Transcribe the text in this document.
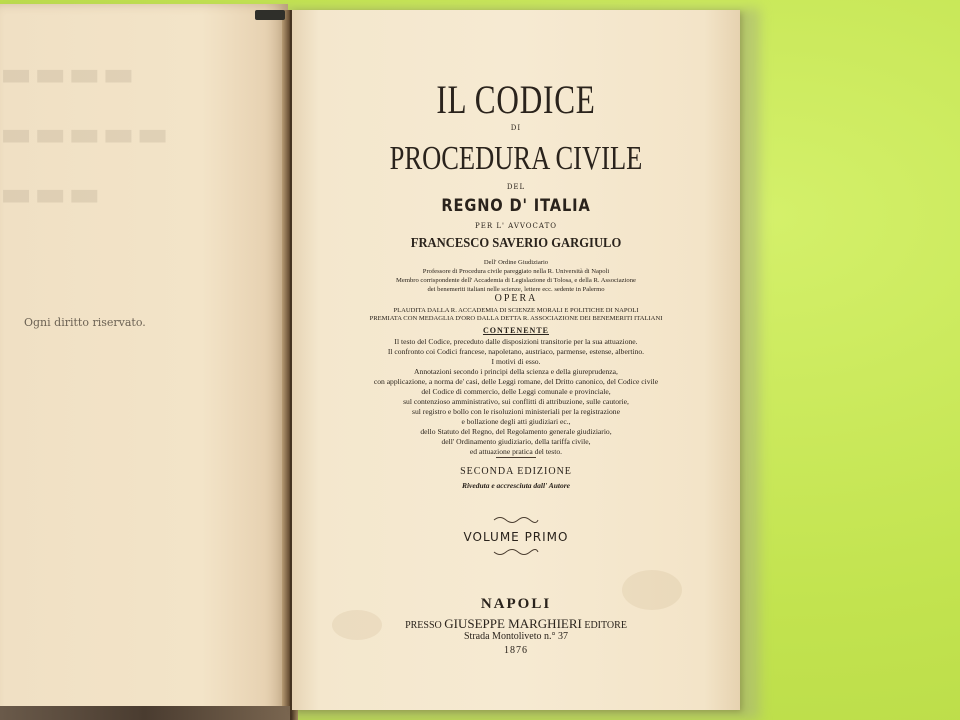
▬▬▬▬
▬▬▬▬▬
▬▬▬
Ogni diritto riservato.
IL CODICE
DI
PROCEDURA CIVILE
DEL
REGNO D' ITALIA
PER L' AVVOCATO
FRANCESCO SAVERIO GARGIULO
Dell' Ordine Giudiziario
Professore di Procedura civile pareggiato nella R. Università di Napoli
Membro corrispondente dell' Accademia di Legislazione di Tolosa, e della R. Associazione
dei benemeriti italiani nelle scienze, lettere ecc. sedente in Palermo
OPERA
PLAUDITA DALLA R. ACCADEMIA DI SCIENZE MORALI E POLITICHE DI NAPOLI
PREMIATA CON MEDAGLIA D'ORO DALLA DETTA R. ASSOCIAZIONE DEI BENEMERITI ITALIANI
CONTENENTE
Il testo del Codice, preceduto dalle disposizioni transitorie per la sua attuazione.
Il confronto coi Codici francese, napoletano, austriaco, parmense, estense, albertino.
I motivi di esso.
Annotazioni secondo i principi della scienza e della giureprudenza,
con applicazione, a norma de' casi, delle Leggi romane, del Dritto canonico, del Codice civile
del Codice di commercio, delle Leggi comunale e provinciale,
sul contenzioso amministrativo, sui conflitti di attribuzione, sulle cautorie,
sul registro e bollo con le risoluzioni ministeriali per la registrazione
e bollazione degli atti giudiziari ec.,
dello Statuto del Regno, del Regolamento generale giudiziario,
dell' Ordinamento giudiziario, della tariffa civile,
ed attuazione pratica del testo.
SECONDA EDIZIONE
Riveduta e accresciuta dall' Autore
VOLUME PRIMO
NAPOLI
PRESSO GIUSEPPE MARGHIERI EDITORE
Strada Montoliveto n.° 37
1876
